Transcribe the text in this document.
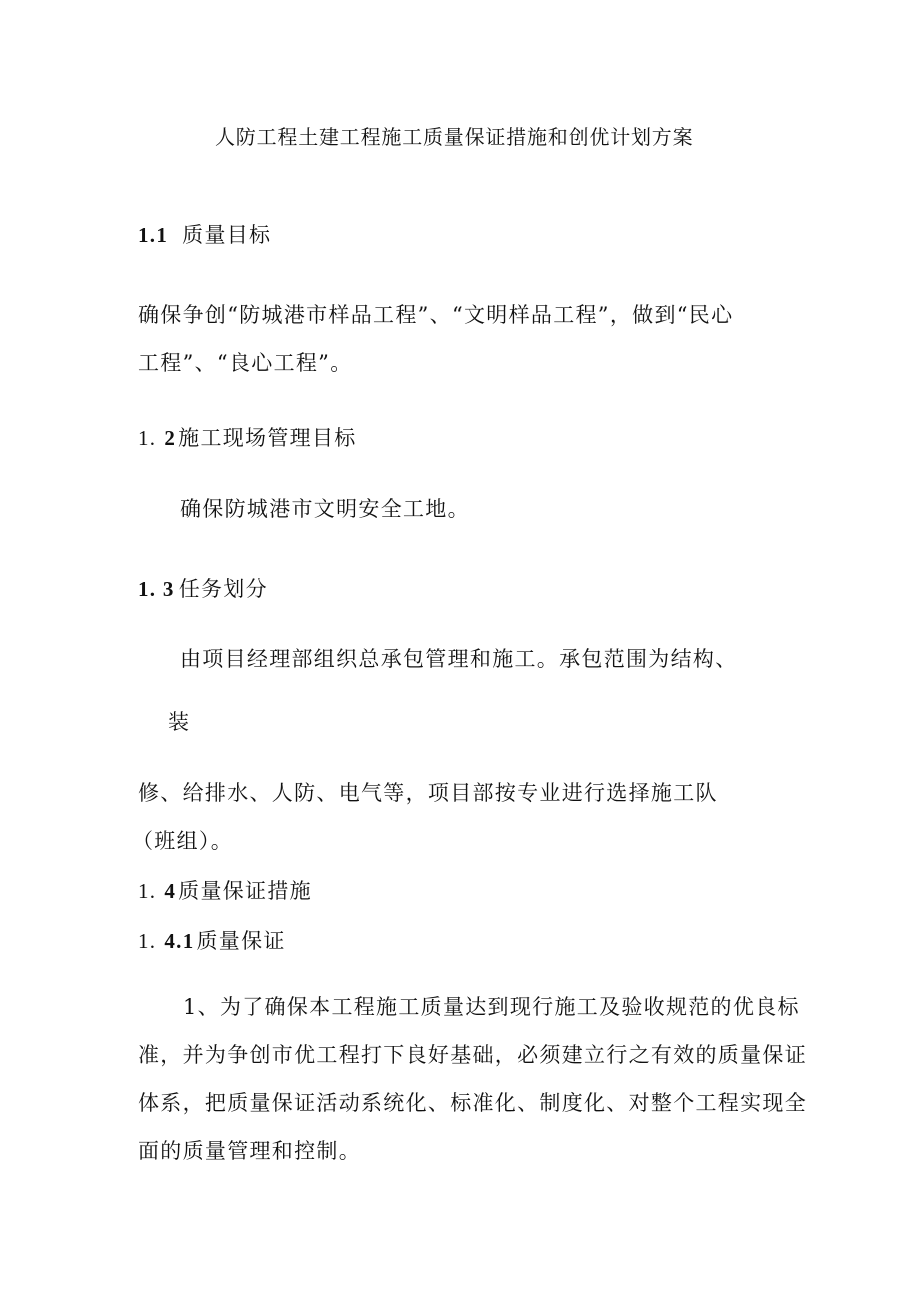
人防工程土建工程施工质量保证措施和创优计划方案
1.1 质量目标
确保争创“防城港市样品工程”、“文明样品工程”，做到“民心
工程”、“良心工程”。
1. 2施工现场管理目标
确保防城港市文明安全工地。
1. 3 任务划分
由项目经理部组织总承包管理和施工。承包范围为结构、
装
修、给排水、人防、电气等，项目部按专业进行选择施工队
（班组）。
1. 4质量保证措施
1. 4.1质量保证
1、为了确保本工程施工质量达到现行施工及验收规范的优良标
准，并为争创市优工程打下良好基础，必须建立行之有效的质量保证
体系，把质量保证活动系统化、标准化、制度化、对整个工程实现全
面的质量管理和控制。
